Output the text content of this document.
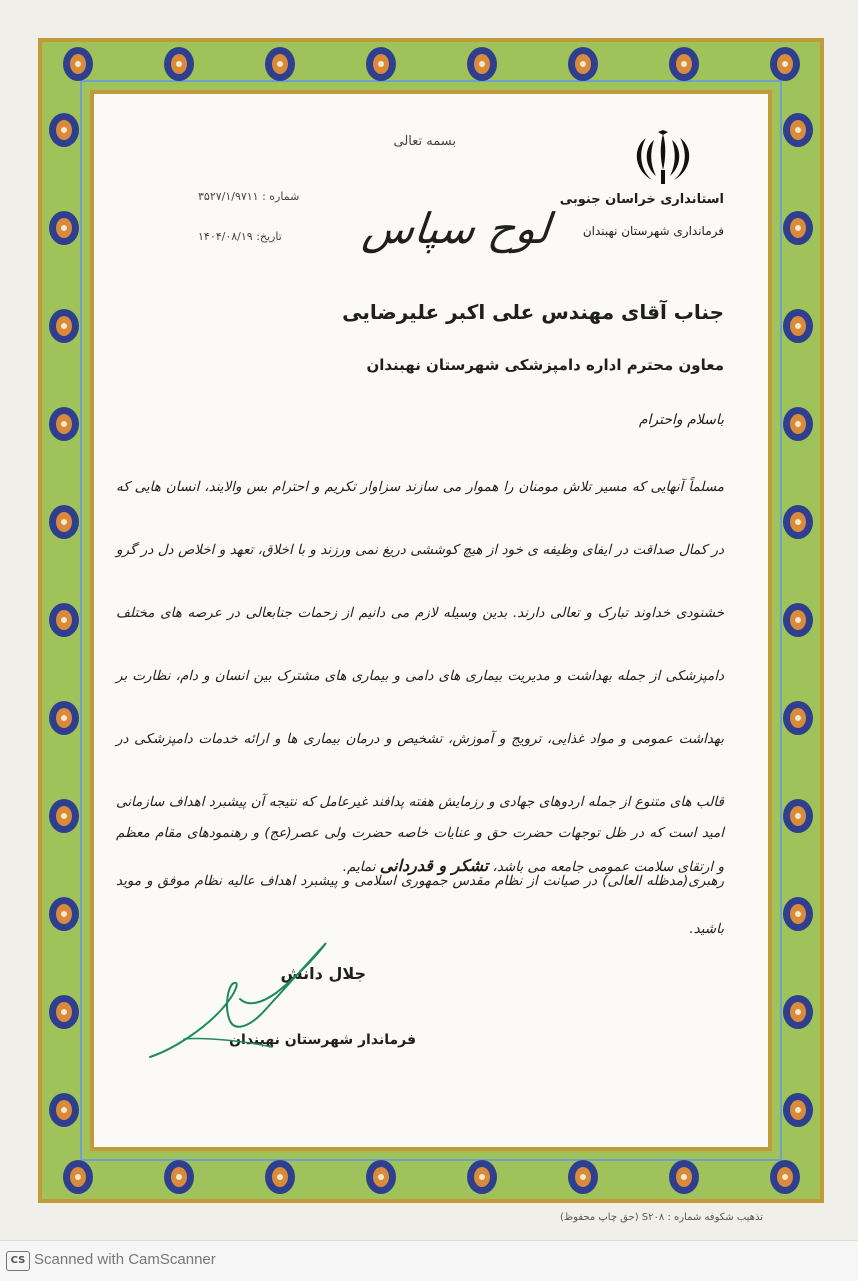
استانداری خراسان جنوبی
فرمانداری شهرستان نهبندان
بسمه تعالی
شماره : ۳۵۲۷/۱/۹۷۱۱
تاریخ: ۱۴۰۴/۰۸/۱۹	لوح سپاس
جناب آقای مهندس علی اکبر علیرضایی
معاون محترم اداره دامپزشکی شهرستان نهبندان
باسلام واحترام
مسلماً آنهایی که مسیر تلاش مومنان را هموار می سازند سزاوار تکریم و احترام بس والایند، انسان هایی که در کمال صداقت در ایفای وظیفه ی خود از هیچ کوششی دریغ نمی ورزند و با اخلاق، تعهد و اخلاص دل در گرو خشنودی خداوند تبارک و تعالی دارند. بدین وسیله لازم می دانیم از زحمات جنابعالی در عرصه های مختلف دامپزشکی از جمله بهداشت و مدیریت بیماری های دامی و بیماری های مشترک بین انسان و دام، نظارت بر بهداشت عمومی و مواد غذایی، ترویج و آموزش، تشخیص و درمان بیماری ها و ارائه خدمات دامپزشکی در قالب های متنوع از جمله اردوهای جهادی و رزمایش هفته پدافند غیرعامل که نتیجه آن پیشبرد اهداف سازمانی و ارتقای سلامت عمومی جامعه می باشد، تشکر و قدردانی نمایم.
امید است که در ظل توجهات حضرت حق و عنایات خاصه حضرت ولی عصر(عج) و رهنمودهای مقام معظم رهبری(مدظله العالی) در صیانت از نظام مقدس جمهوری اسلامی و پیشبرد اهداف عالیه نظام موفق و موید باشید.
جلال دانش
فرماندار شهرستان نهبندان
تذهیب شکوفه شماره : S۲۰۸ (حق چاپ محفوظ)
CS Scanned with CamScanner
